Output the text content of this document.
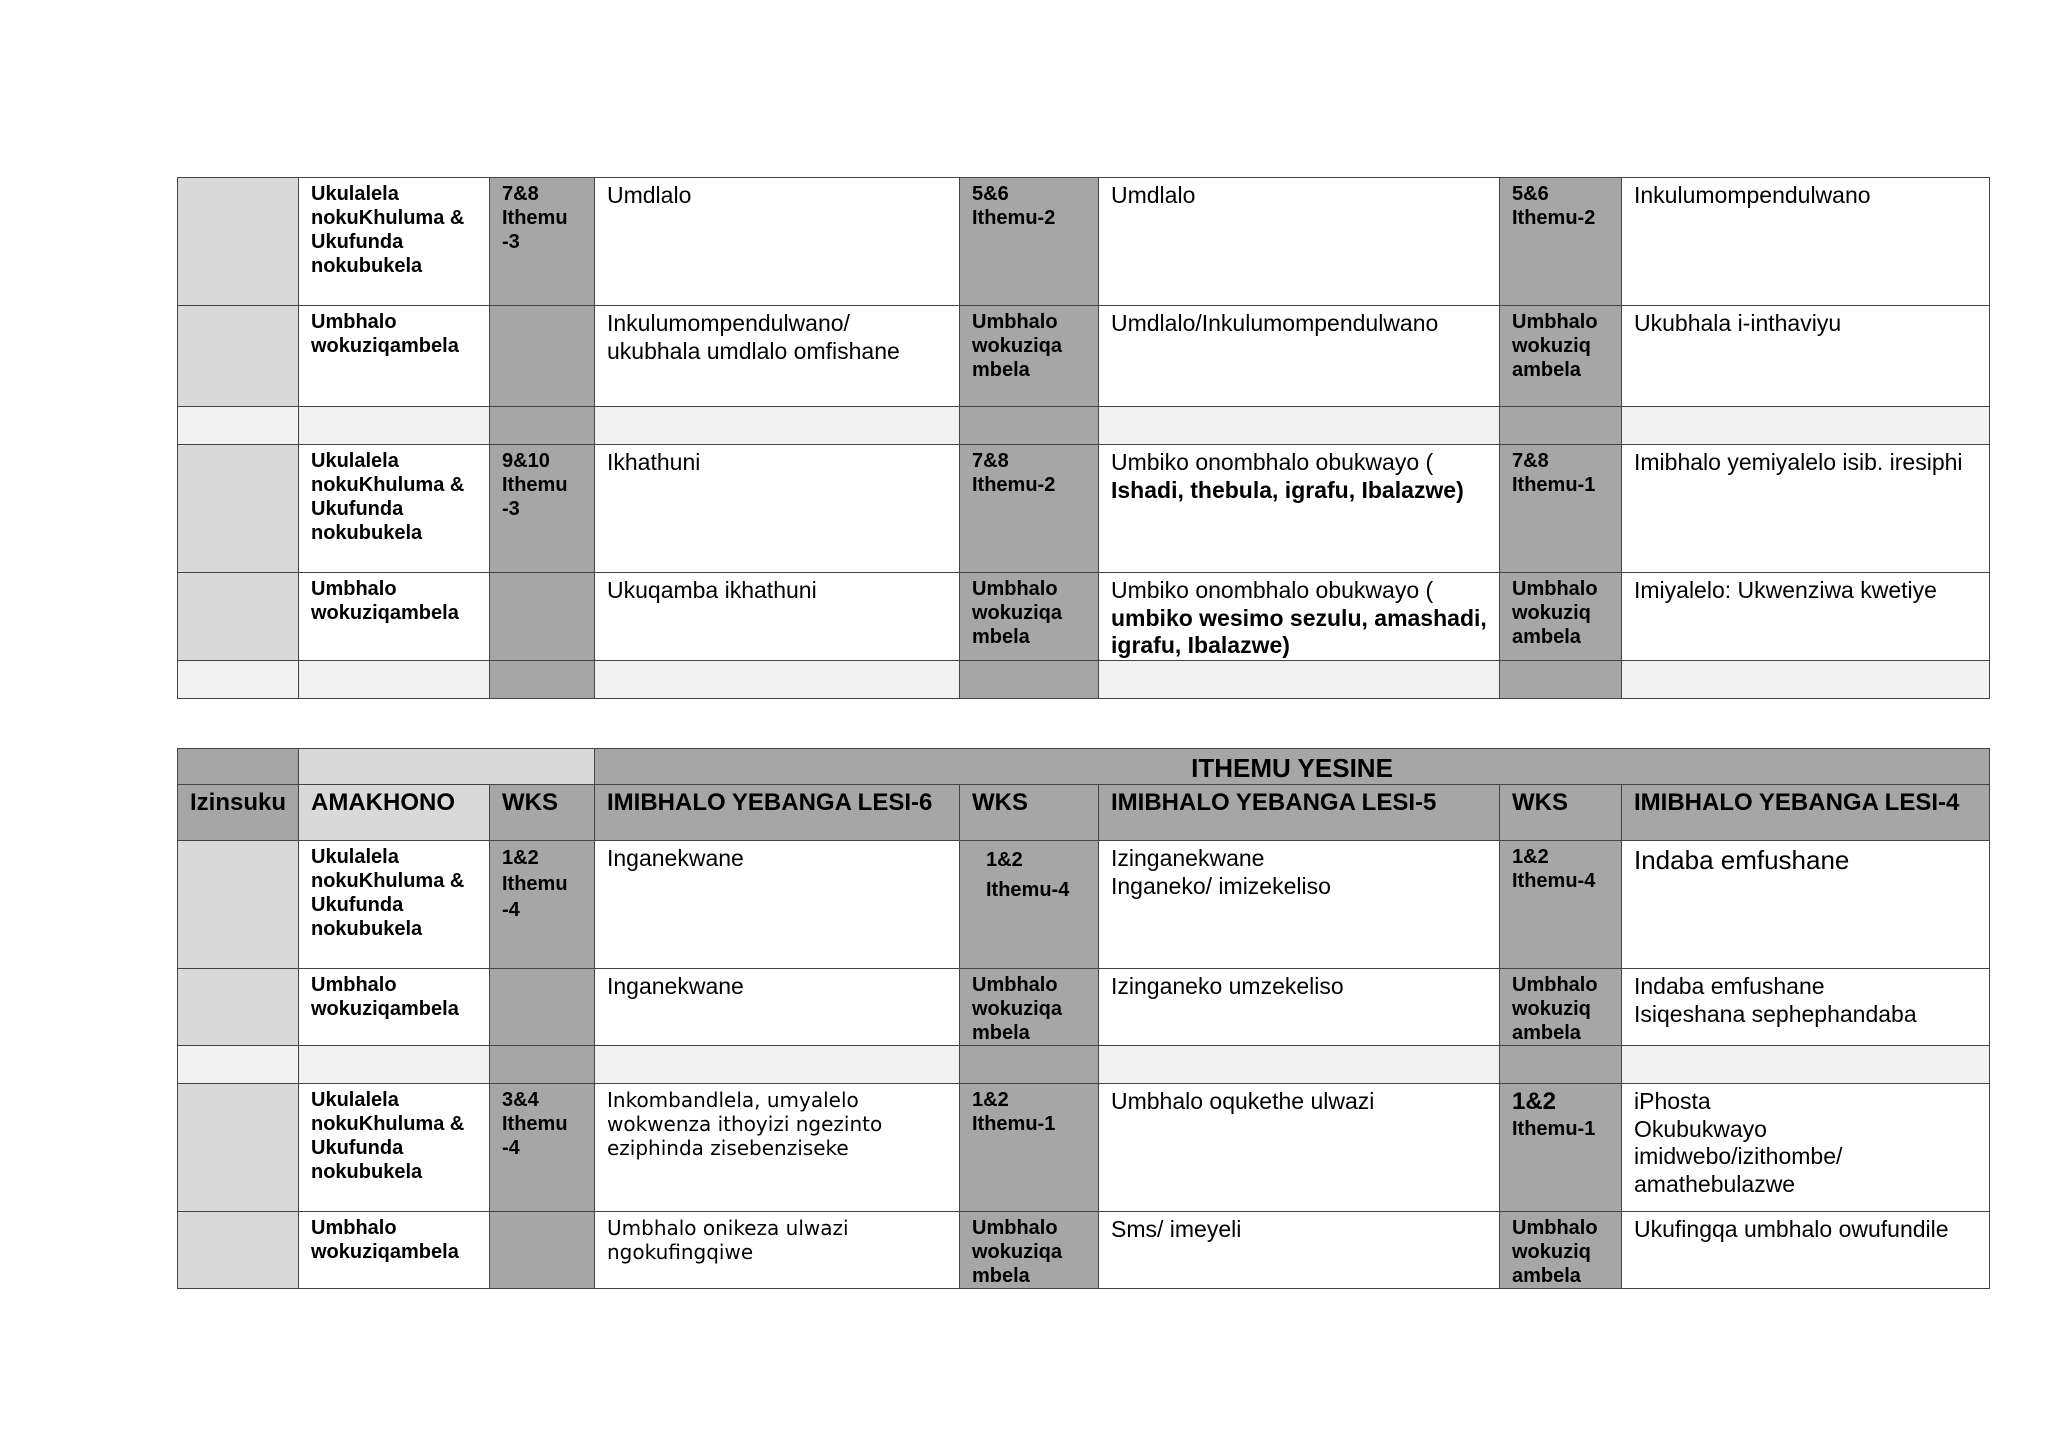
	Ukulalela nokuKhuluma & Ukufunda nokubukela	7&8 Ithemu -3	Umdlalo	5&6 Ithemu-2	Umdlalo	5&6 Ithemu-2	Inkulumompendulwano
	Umbhalo wokuziqambela		Inkulumompendulwano/ ukubhala umdlalo omfishane	Umbhalo wokuziqa mbela	Umdlalo/Inkulumompendulwano	Umbhalo wokuziq ambela	Ukubhala i-inthaviyu

	Ukulalela nokuKhuluma & Ukufunda nokubukela	9&10 Ithemu -3	Ikhathuni	7&8 Ithemu-2	Umbiko onombhalo obukwayo (
Ishadi, thebula, igrafu, Ibalazwe)	7&8 Ithemu-1	Imibhalo yemiyalelo isib. iresiphi
	Umbhalo wokuziqambela		Ukuqamba ikhathuni	Umbhalo wokuziqa mbela	Umbiko onombhalo obukwayo (
umbiko wesimo sezulu, amashadi, igrafu, Ibalazwe)	Umbhalo wokuziq ambela	Imiyalelo: Ukwenziwa kwetiye

			ITHEMU YESINE				
Izinsuku	AMAKHONO	WKS	IMIBHALO YEBANGA LESI-6	WKS	IMIBHALO YEBANGA LESI-5	WKS	IMIBHALO YEBANGA LESI-4
	Ukulalela nokuKhuluma & Ukufunda nokubukela	1&2 Ithemu -4	Inganekwane	1&2 Ithemu-4	Izinganekwane
Inganeko/ imizekeliso	1&2 Ithemu-4	Indaba emfushane
	Umbhalo wokuziqambela		Inganekwane	Umbhalo wokuziqa mbela	Izinganeko umzekeliso	Umbhalo wokuziq ambela	Indaba emfushane
Isiqeshana sephephandaba

	Ukulalela nokuKhuluma & Ukufunda nokubukela	3&4 Ithemu -4	Inkombandlela, umyalelo wokwenza ithoyizi ngezinto eziphinda zisebenziseke	1&2 Ithemu-1	Umbhalo oqukethe ulwazi	1&2
Ithemu-1	iPhosta
Okubukwayo imidwebo/izithombe/ amathebulazwe
	Umbhalo wokuziqambela		Umbhalo onikeza ulwazi ngokufingqiwe	Umbhalo wokuziqa mbela	Sms/ imeyeli	Umbhalo wokuziq ambela	Ukufingqa umbhalo owufundile
